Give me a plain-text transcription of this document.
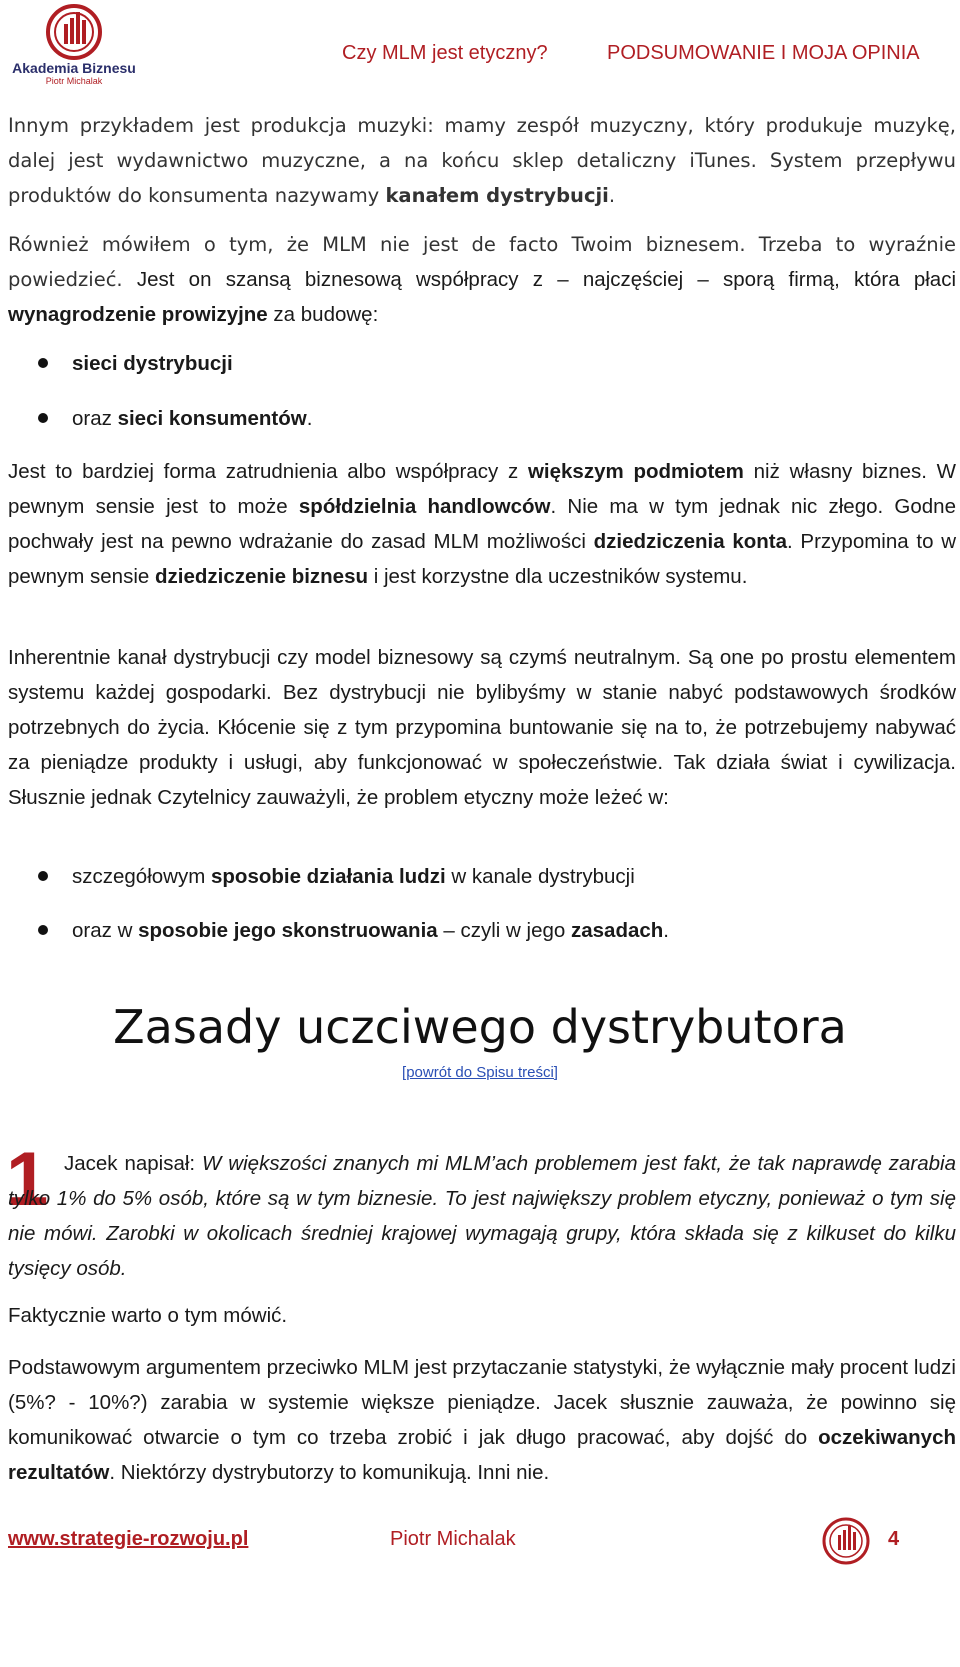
Akademia Biznesu
Piotr Michalak
Czy MLM jest etyczny?	PODSUMOWANIE I MOJA OPINIA

Innym przykładem jest produkcja muzyki: mamy zespół muzyczny, który produkuje muzykę, dalej jest wydawnictwo muzyczne, a na końcu sklep detaliczny iTunes. System przepływu produktów do konsumenta nazywamy kanałem dystrybucji.

Również mówiłem o tym, że MLM nie jest de facto Twoim biznesem. Trzeba to wyraźnie powiedzieć. Jest on szansą biznesową współpracy z – najczęściej – sporą firmą, która płaci wynagrodzenie prowizyjne za budowę:

sieci dystrybucji
oraz sieci konsumentów.

Jest to bardziej forma zatrudnienia albo współpracy z większym podmiotem niż własny biznes. W pewnym sensie jest to może spółdzielnia handlowców. Nie ma w tym jednak nic złego. Godne pochwały jest na pewno wdrażanie do zasad MLM możliwości dziedziczenia konta. Przypomina to w pewnym sensie dziedziczenie biznesu i jest korzystne dla uczestników systemu.

Inherentnie kanał dystrybucji czy model biznesowy są czymś neutralnym. Są one po prostu elementem systemu każdej gospodarki. Bez dystrybucji nie bylibyśmy w stanie nabyć podstawowych środków potrzebnych do życia. Kłócenie się z tym przypomina buntowanie się na to, że potrzebujemy nabywać za pieniądze produkty i usługi, aby funkcjonować w społeczeństwie. Tak działa świat i cywilizacja. Słusznie jednak Czytelnicy zauważyli, że problem etyczny może leżeć w:

szczegółowym sposobie działania ludzi w kanale dystrybucji
oraz w sposobie jego skonstruowania – czyli w jego zasadach.
Zasady uczciwego dystrybutora
[powrót do Spisu treści]
1 Jacek napisał: W większości znanych mi MLM’ach problemem jest fakt, że tak naprawdę zarabia tylko 1% do 5% osób, które są w tym biznesie. To jest największy problem etyczny, ponieważ o tym się nie mówi. Zarobki w okolicach średniej krajowej wymagają grupy, która składa się z kilkuset do kilku tysięcy osób.

Faktycznie warto o tym mówić.

Podstawowym argumentem przeciwko MLM jest przytaczanie statystyki, że wyłącznie mały procent ludzi (5%? - 10%?) zarabia w systemie większe pieniądze. Jacek słusznie zauważa, że powinno się komunikować otwarcie o tym co trzeba zrobić i jak długo pracować, aby dojść do oczekiwanych rezultatów. Niektórzy dystrybutorzy to komunikują. Inni nie.

www.strategie-rozwoju.pl	Piotr Michalak	4
